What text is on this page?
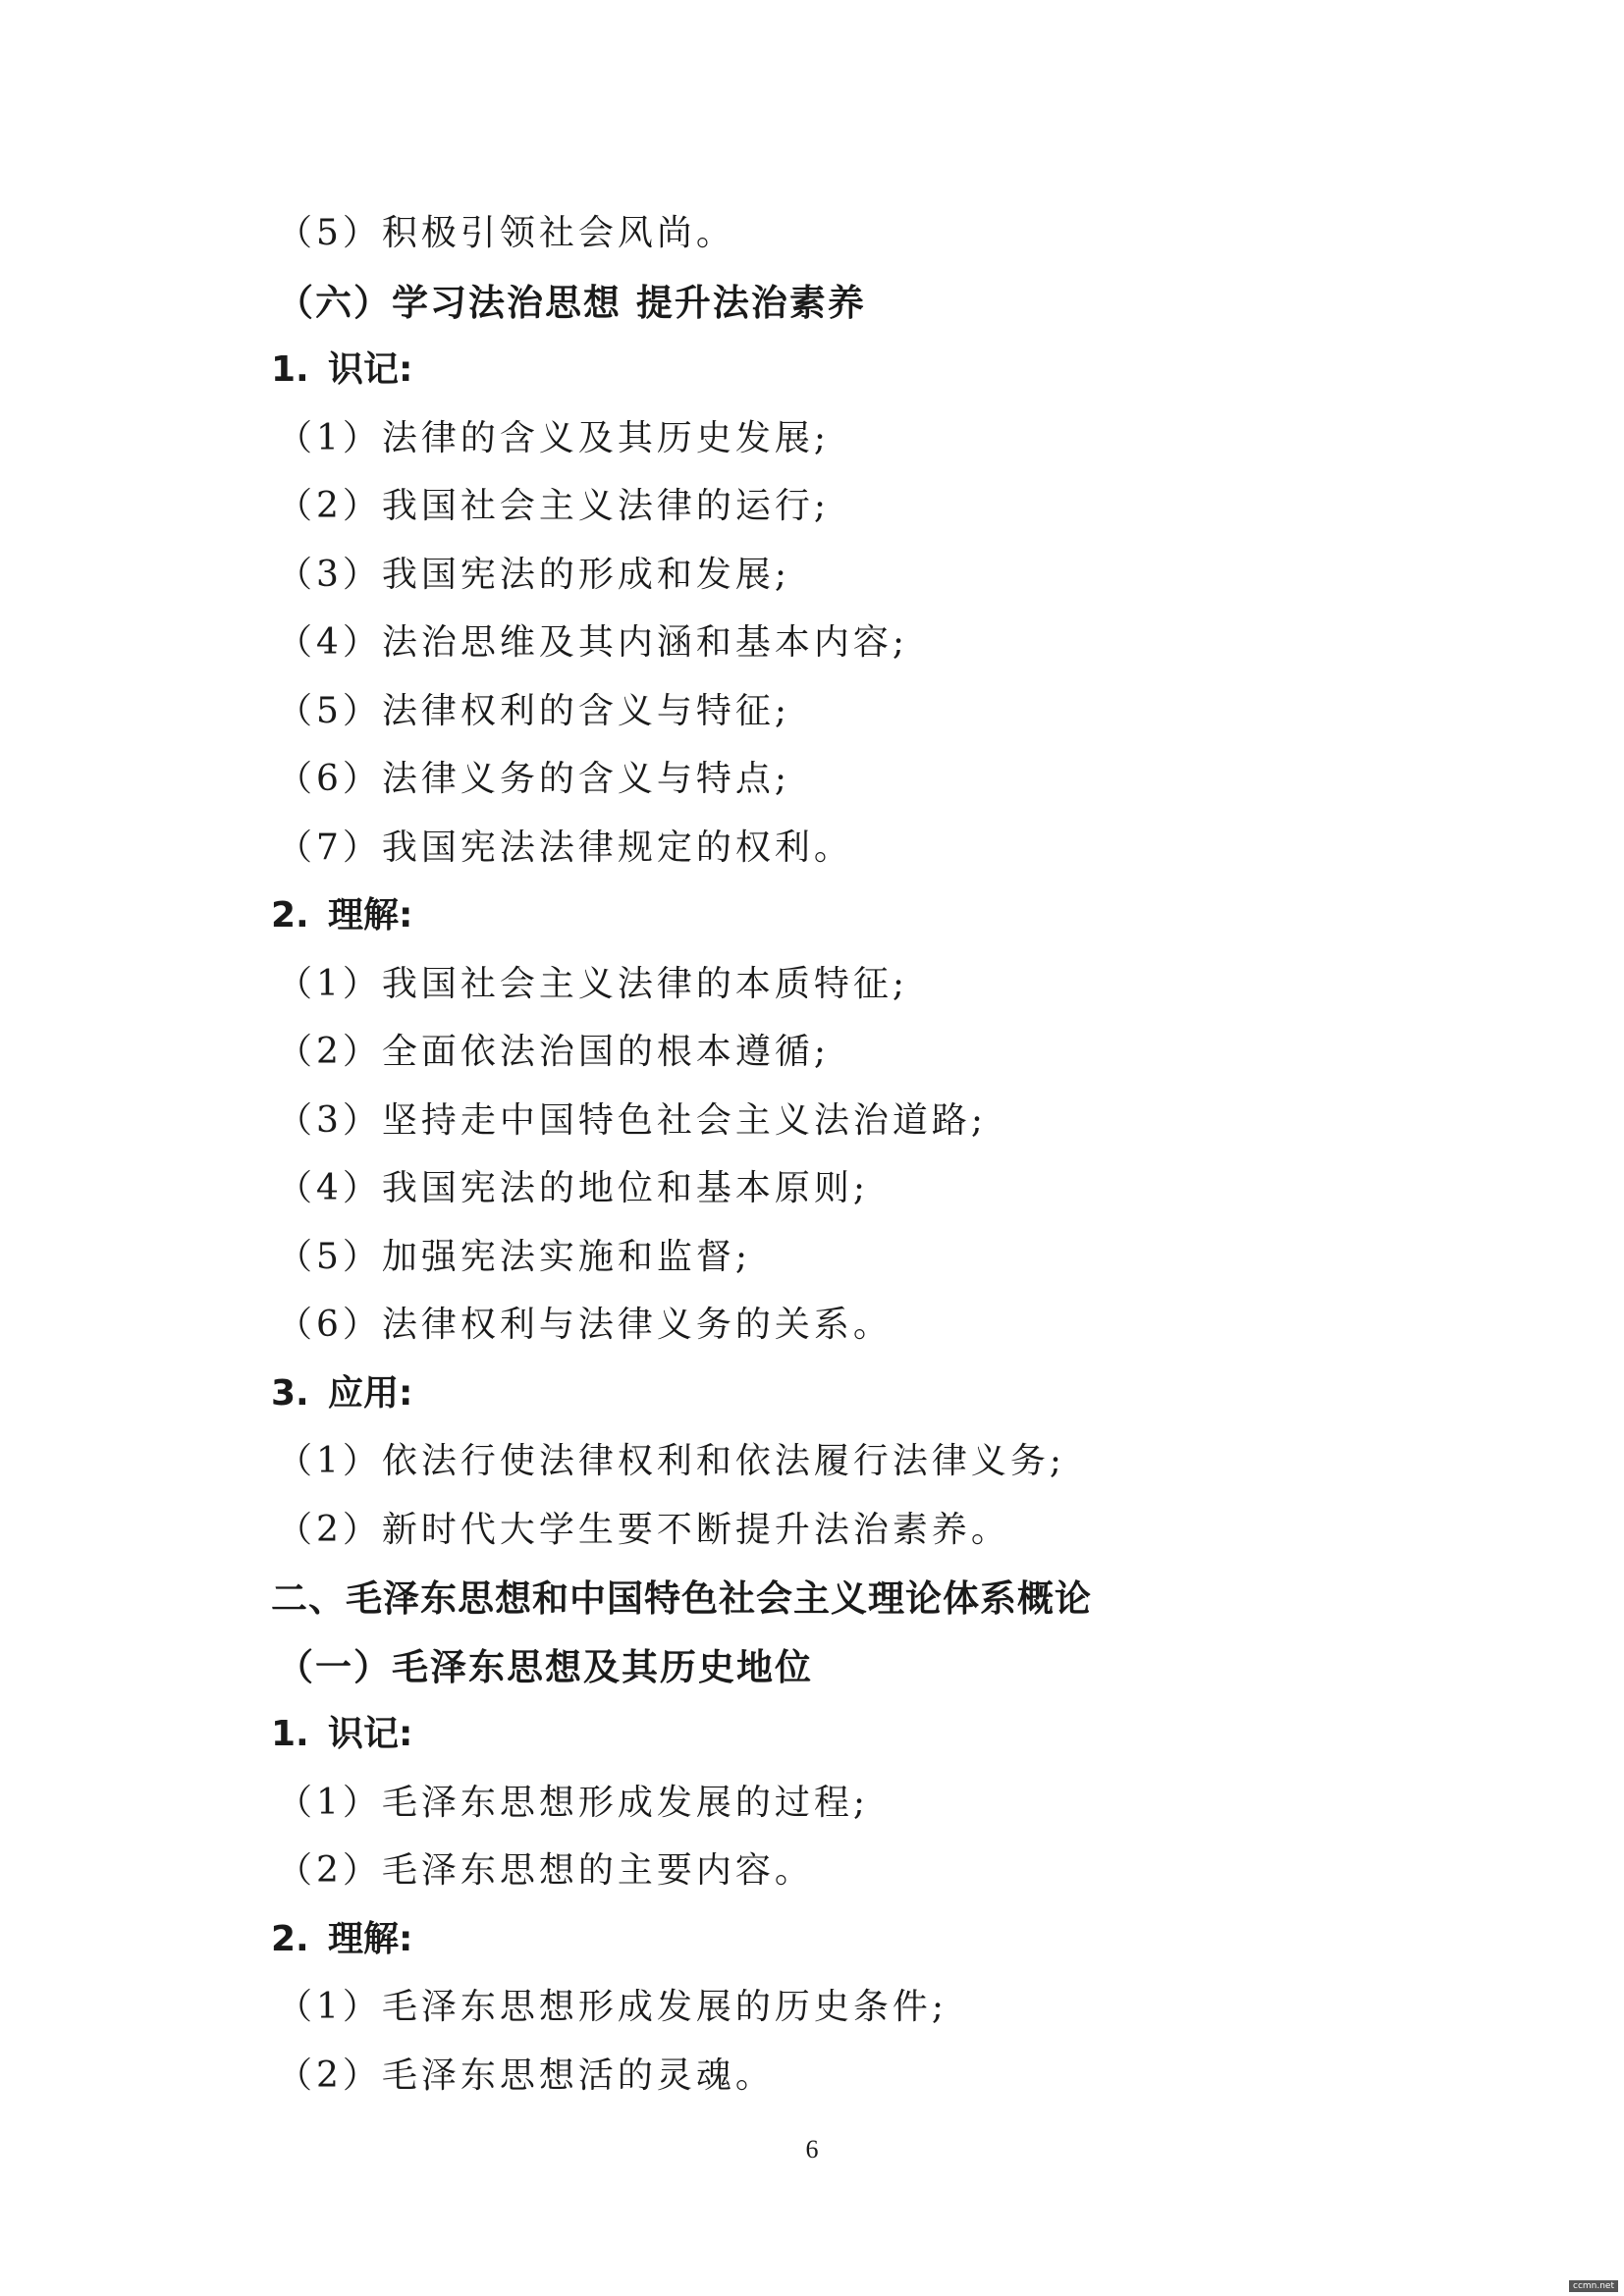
（5）积极引领社会风尚。
（六）学习法治思想 提升法治素养
1. 识记:
（1）法律的含义及其历史发展;
（2）我国社会主义法律的运行;
（3）我国宪法的形成和发展;
（4）法治思维及其内涵和基本内容;
（5）法律权利的含义与特征;
（6）法律义务的含义与特点;
（7）我国宪法法律规定的权利。
2. 理解:
（1）我国社会主义法律的本质特征;
（2）全面依法治国的根本遵循;
（3）坚持走中国特色社会主义法治道路;
（4）我国宪法的地位和基本原则;
（5）加强宪法实施和监督;
（6）法律权利与法律义务的关系。
3. 应用:
（1）依法行使法律权利和依法履行法律义务;
（2）新时代大学生要不断提升法治素养。
二、毛泽东思想和中国特色社会主义理论体系概论
（一）毛泽东思想及其历史地位
1. 识记:
（1）毛泽东思想形成发展的过程;
（2）毛泽东思想的主要内容。
2. 理解:
（1）毛泽东思想形成发展的历史条件;
（2）毛泽东思想活的灵魂。
6
ccmn.net
